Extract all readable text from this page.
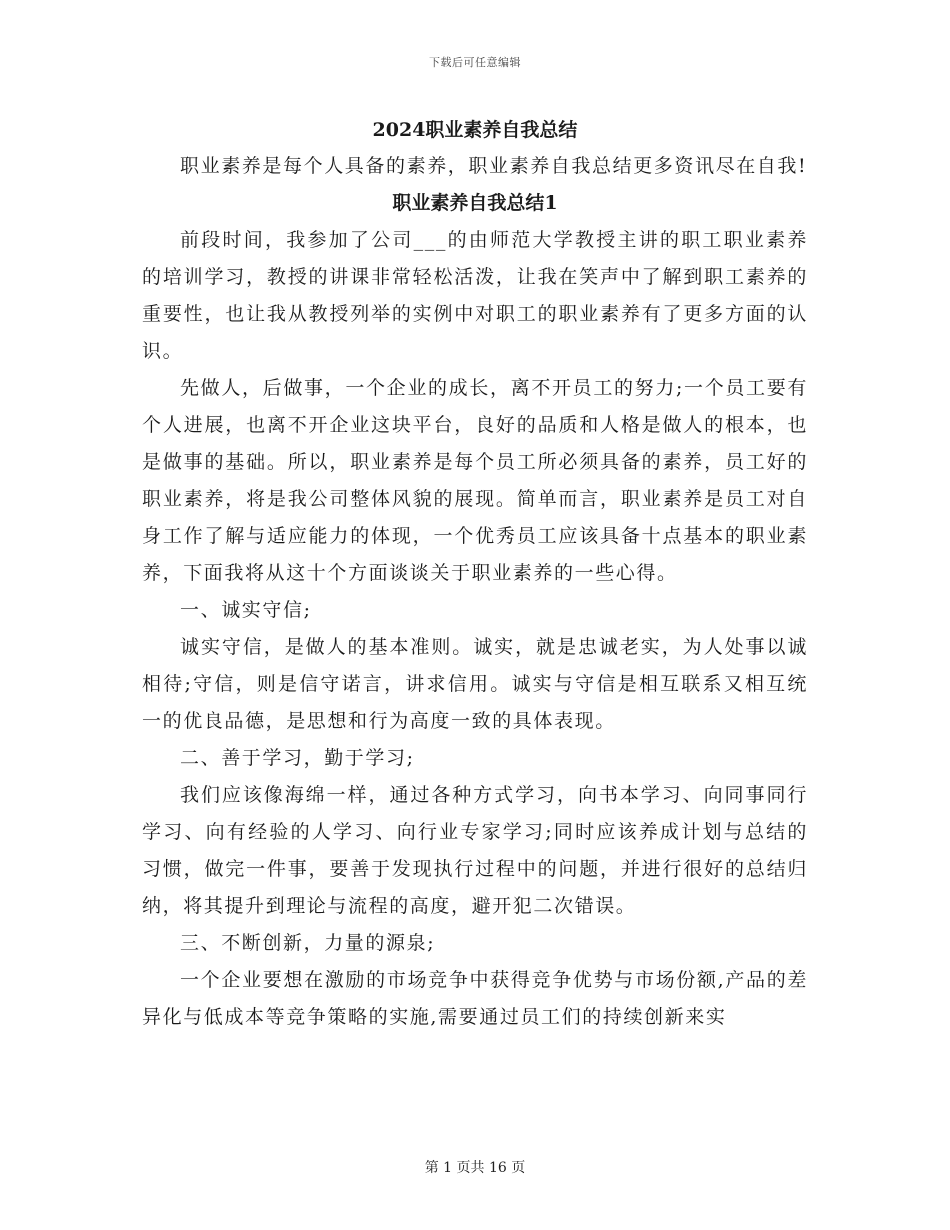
下载后可任意编辑
2024职业素养自我总结

职业素养是每个人具备的素养，职业素养自我总结更多资讯尽在自我!

职业素养自我总结1

前段时间，我参加了公司___的由师范大学教授主讲的职工职业素养的培训学习，教授的讲课非常轻松活泼，让我在笑声中了解到职工素养的重要性，也让我从教授列举的实例中对职工的职业素养有了更多方面的认识。

先做人，后做事，一个企业的成长，离不开员工的努力;一个员工要有个人进展，也离不开企业这块平台，良好的品质和人格是做人的根本，也是做事的基础。所以，职业素养是每个员工所必须具备的素养，员工好的职业素养，将是我公司整体风貌的展现。简单而言，职业素养是员工对自身工作了解与适应能力的体现，一个优秀员工应该具备十点基本的职业素养，下面我将从这十个方面谈谈关于职业素养的一些心得。

一、诚实守信;

诚实守信，是做人的基本准则。诚实，就是忠诚老实，为人处事以诚相待;守信，则是信守诺言，讲求信用。诚实与守信是相互联系又相互统一的优良品德，是思想和行为高度一致的具体表现。

二、善于学习，勤于学习;

我们应该像海绵一样，通过各种方式学习，向书本学习、向同事同行学习、向有经验的人学习、向行业专家学习;同时应该养成计划与总结的习惯，做完一件事，要善于发现执行过程中的问题，并进行很好的总结归纳，将其提升到理论与流程的高度，避开犯二次错误。

三、不断创新，力量的源泉;

一个企业要想在激励的市场竞争中获得竞争优势与市场份额,产品的差异化与低成本等竞争策略的实施,需要通过员工们的持续创新来实

第 1 页共 16 页
